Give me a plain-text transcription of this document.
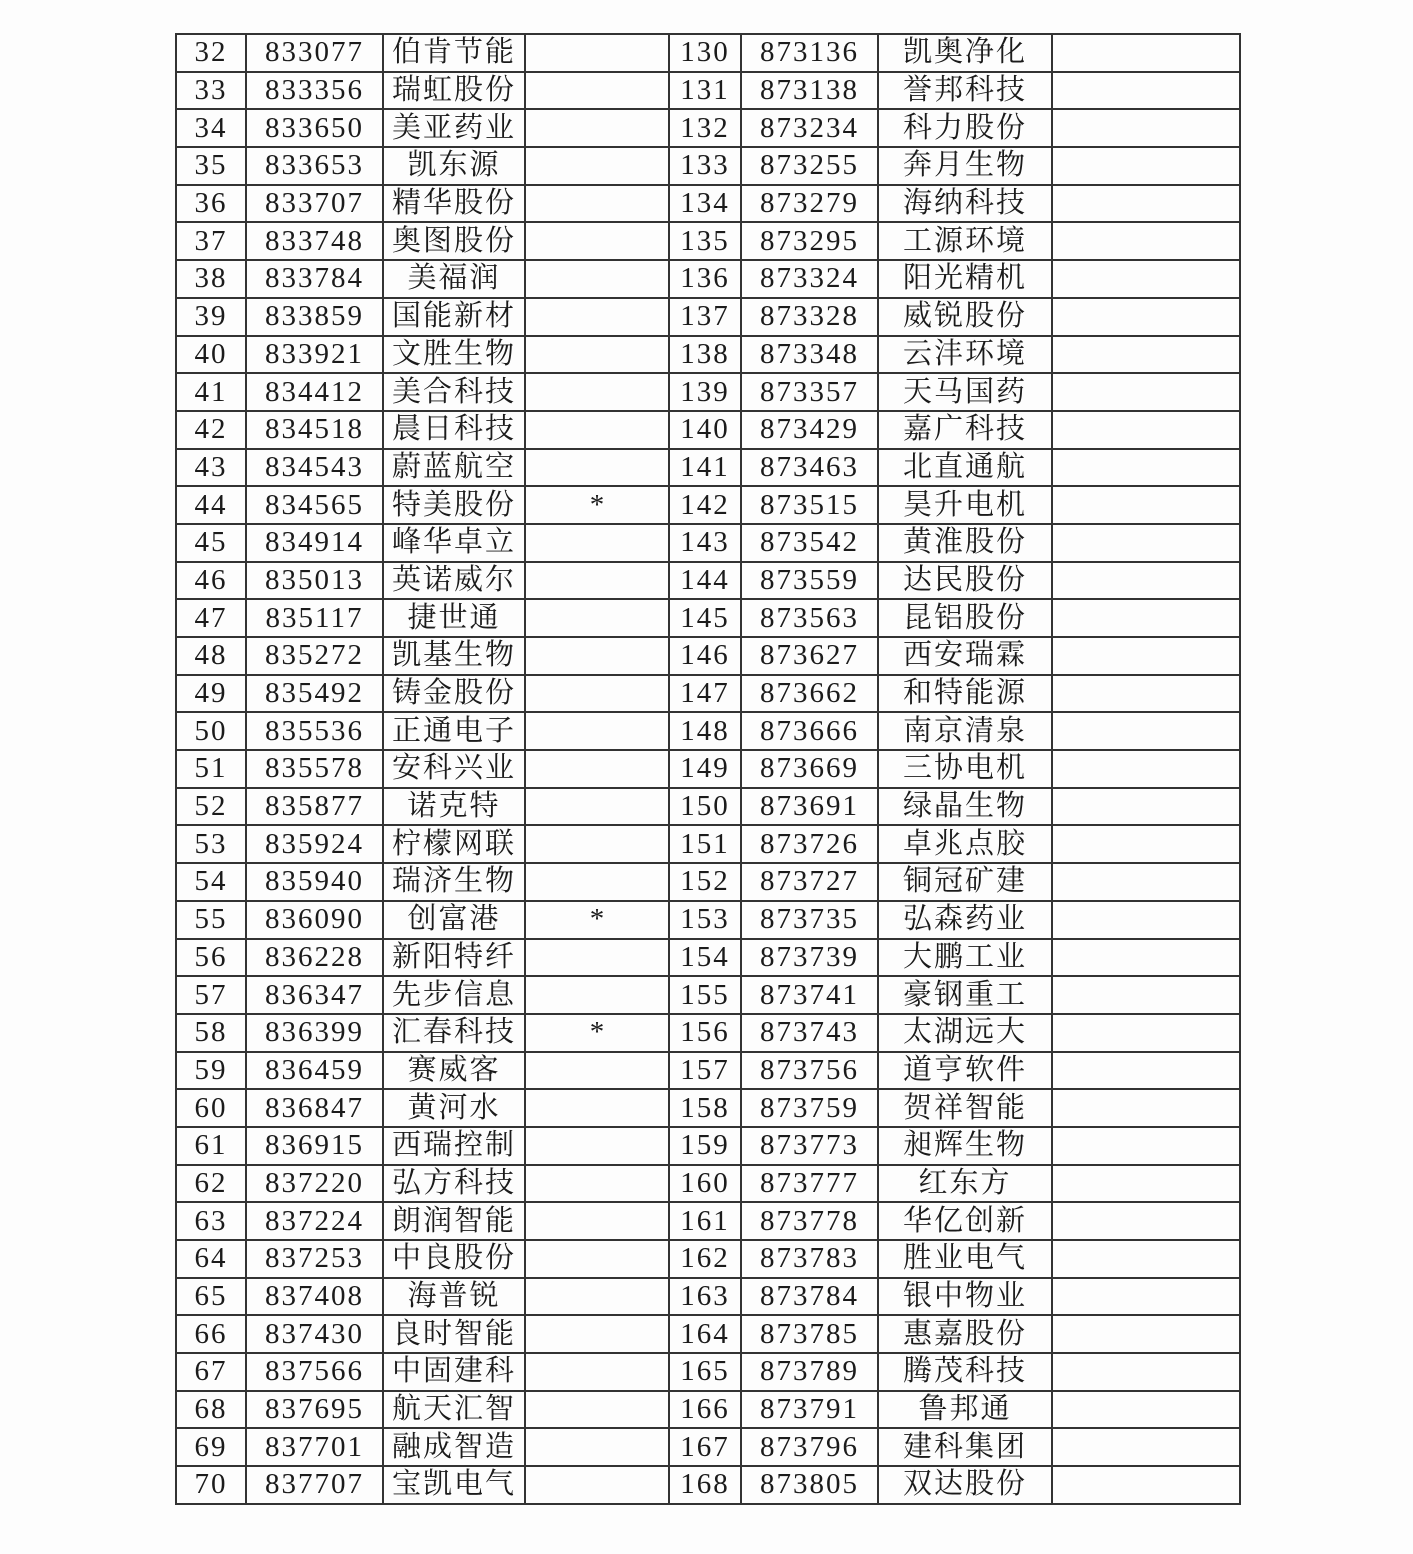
32	833077	伯肯节能		130	873136	凯奥净化	
33	833356	瑞虹股份		131	873138	誉邦科技	
34	833650	美亚药业		132	873234	科力股份	
35	833653	凯东源		133	873255	奔月生物	
36	833707	精华股份		134	873279	海纳科技	
37	833748	奥图股份		135	873295	工源环境	
38	833784	美福润		136	873324	阳光精机	
39	833859	国能新材		137	873328	威锐股份	
40	833921	文胜生物		138	873348	云沣环境	
41	834412	美合科技		139	873357	天马国药	
42	834518	晨日科技		140	873429	嘉广科技	
43	834543	蔚蓝航空		141	873463	北直通航	
44	834565	特美股份	*	142	873515	昊升电机	
45	834914	峰华卓立		143	873542	黄淮股份	
46	835013	英诺威尔		144	873559	达民股份	
47	835117	捷世通		145	873563	昆铝股份	
48	835272	凯基生物		146	873627	西安瑞霖	
49	835492	铸金股份		147	873662	和特能源	
50	835536	正通电子		148	873666	南京清泉	
51	835578	安科兴业		149	873669	三协电机	
52	835877	诺克特		150	873691	绿晶生物	
53	835924	柠檬网联		151	873726	卓兆点胶	
54	835940	瑞济生物		152	873727	铜冠矿建	
55	836090	创富港	*	153	873735	弘森药业	
56	836228	新阳特纤		154	873739	大鹏工业	
57	836347	先步信息		155	873741	豪钢重工	
58	836399	汇春科技	*	156	873743	太湖远大	
59	836459	赛威客		157	873756	道亨软件	
60	836847	黄河水		158	873759	贺祥智能	
61	836915	西瑞控制		159	873773	昶辉生物	
62	837220	弘方科技		160	873777	红东方	
63	837224	朗润智能		161	873778	华亿创新	
64	837253	中良股份		162	873783	胜业电气	
65	837408	海普锐		163	873784	银中物业	
66	837430	良时智能		164	873785	惠嘉股份	
67	837566	中固建科		165	873789	腾茂科技	
68	837695	航天汇智		166	873791	鲁邦通	
69	837701	融成智造		167	873796	建科集团	
70	837707	宝凯电气		168	873805	双达股份	
